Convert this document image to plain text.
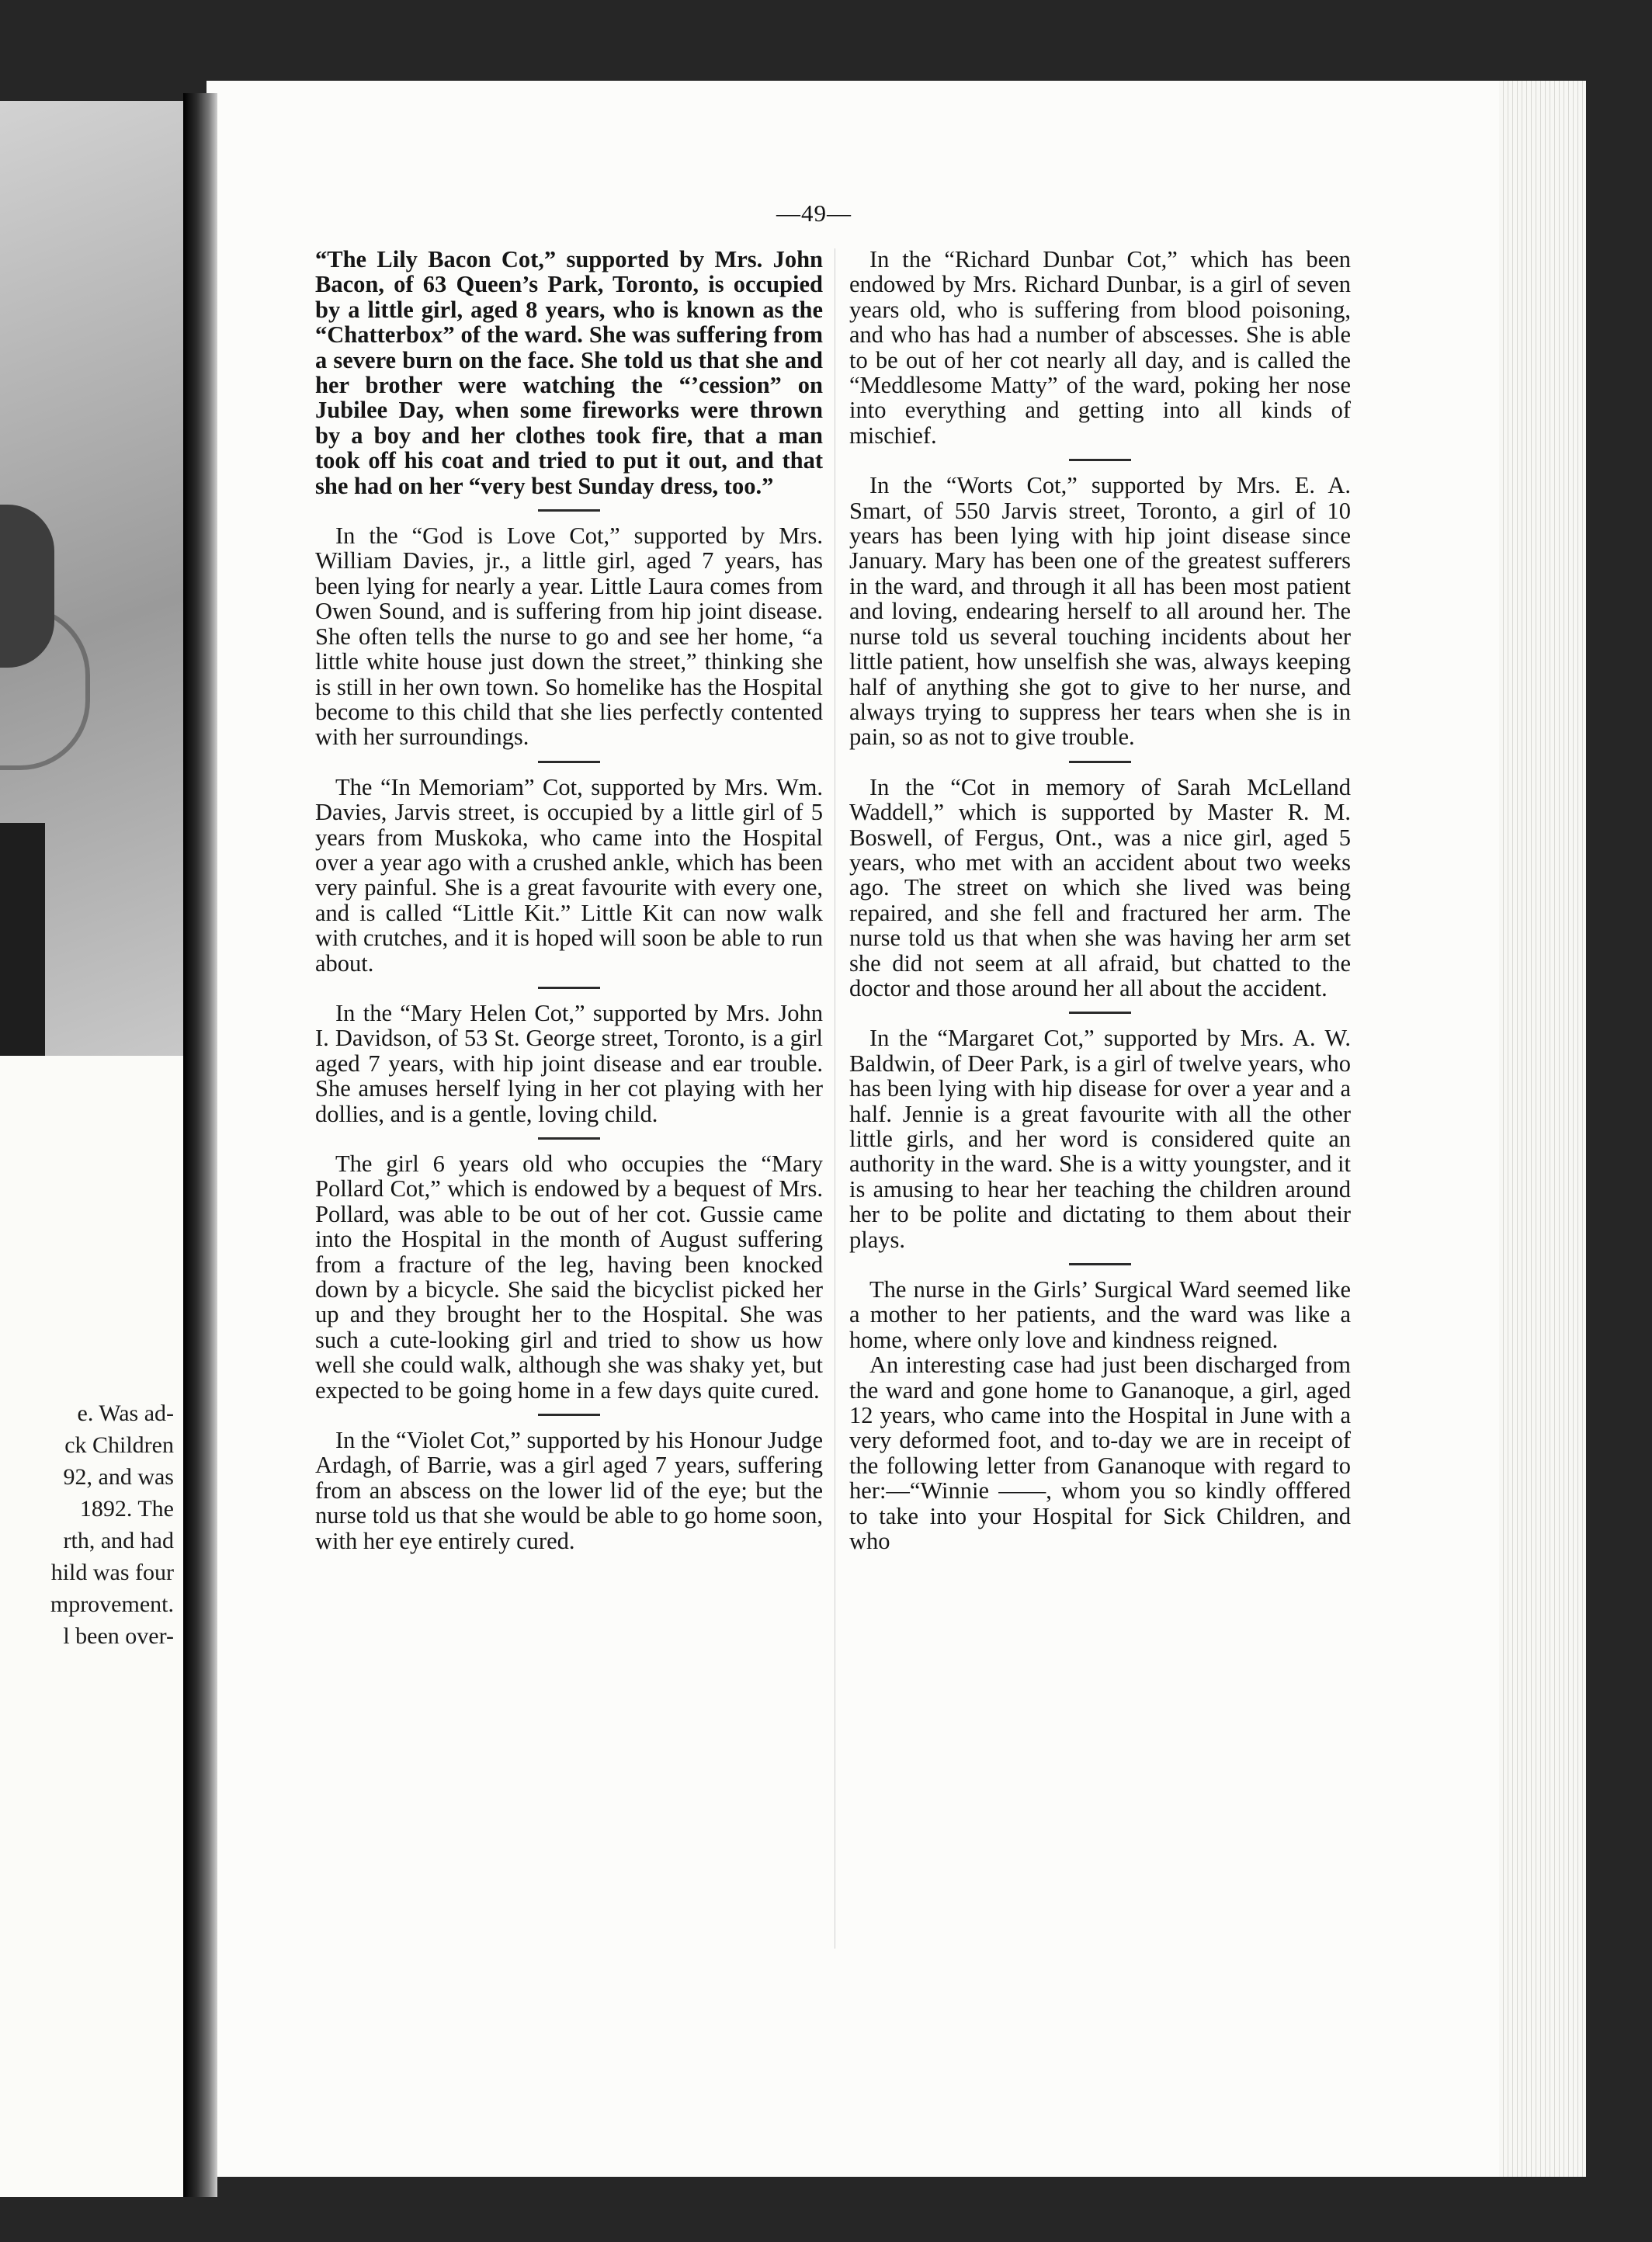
e. Was ad-
ck Children
92, and was
1892. The
rth, and had
hild was four
mprovement.
l been over-
—49—

“The Lily Bacon Cot,” supported by Mrs. John Bacon, of 63 Queen’s Park, Toronto, is occupied by a little girl, aged 8 years, who is known as the “Chatterbox” of the ward. She was suffering from a severe burn on the face. She told us that she and her brother were watching the “’cession” on Jubilee Day, when some fireworks were thrown by a boy and her clothes took fire, that a man took off his coat and tried to put it out, and that she had on her “very best Sunday dress, too.”

In the “God is Love Cot,” supported by Mrs. William Davies, jr., a little girl, aged 7 years, has been lying for nearly a year. Little Laura comes from Owen Sound, and is suffering from hip joint disease. She often tells the nurse to go and see her home, “a little white house just down the street,” thinking she is still in her own town. So homelike has the Hospital become to this child that she lies perfectly contented with her surroundings.

The “In Memoriam” Cot, supported by Mrs. Wm. Davies, Jarvis street, is occupied by a little girl of 5 years from Muskoka, who came into the Hospital over a year ago with a crushed ankle, which has been very painful. She is a great favourite with every one, and is called “Little Kit.” Little Kit can now walk with crutches, and it is hoped will soon be able to run about.

In the “Mary Helen Cot,” supported by Mrs. John I. Davidson, of 53 St. George street, Toronto, is a girl aged 7 years, with hip joint disease and ear trouble. She amuses herself lying in her cot playing with her dollies, and is a gentle, loving child.

The girl 6 years old who occupies the “Mary Pollard Cot,” which is endowed by a bequest of Mrs. Pollard, was able to be out of her cot. Gussie came into the Hospital in the month of August suffering from a fracture of the leg, having been knocked down by a bicycle. She said the bicyclist picked her up and they brought her to the Hospital. She was such a cute-looking girl and tried to show us how well she could walk, although she was shaky yet, but expected to be going home in a few days quite cured.

In the “Violet Cot,” supported by his Honour Judge Ardagh, of Barrie, was a girl aged 7 years, suffering from an abscess on the lower lid of the eye; but the nurse told us that she would be able to go home soon, with her eye entirely cured.

In the “Richard Dunbar Cot,” which has been endowed by Mrs. Richard Dunbar, is a girl of seven years old, who is suffering from blood poisoning, and who has had a number of abscesses. She is able to be out of her cot nearly all day, and is called the “Meddlesome Matty” of the ward, poking her nose into everything and getting into all kinds of mischief.

In the “Worts Cot,” supported by Mrs. E. A. Smart, of 550 Jarvis street, Toronto, a girl of 10 years has been lying with hip joint disease since January. Mary has been one of the greatest sufferers in the ward, and through it all has been most patient and loving, endearing herself to all around her. The nurse told us several touching incidents about her little patient, how unselfish she was, always keeping half of anything she got to give to her nurse, and always trying to suppress her tears when she is in pain, so as not to give trouble.

In the “Cot in memory of Sarah McLelland Waddell,” which is supported by Master R. M. Boswell, of Fergus, Ont., was a nice girl, aged 5 years, who met with an accident about two weeks ago. The street on which she lived was being repaired, and she fell and fractured her arm. The nurse told us that when she was having her arm set she did not seem at all afraid, but chatted to the doctor and those around her all about the accident.

In the “Margaret Cot,” supported by Mrs. A. W. Baldwin, of Deer Park, is a girl of twelve years, who has been lying with hip disease for over a year and a half. Jennie is a great favourite with all the other little girls, and her word is considered quite an authority in the ward. She is a witty youngster, and it is amusing to hear her teaching the children around her to be polite and dictating to them about their plays.

The nurse in the Girls’ Surgical Ward seemed like a mother to her patients, and the ward was like a home, where only love and kindness reigned.

An interesting case had just been discharged from the ward and gone home to Gananoque, a girl, aged 12 years, who came into the Hospital in June with a very deformed foot, and to-day we are in receipt of the following letter from Gananoque with regard to her:—“Winnie ——, whom you so kindly offfered to take into your Hospital for Sick Children, and who
